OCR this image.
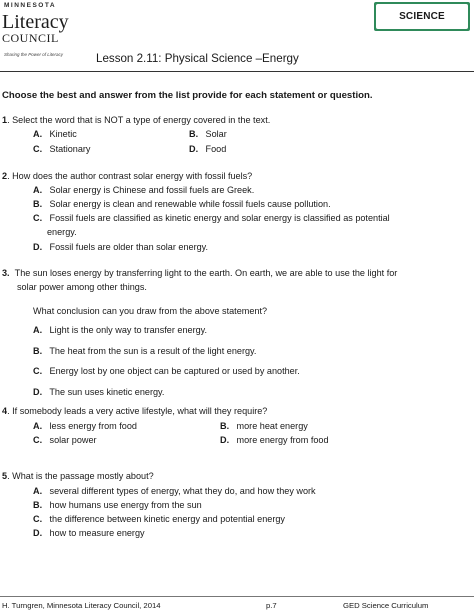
MINNESOTA
Literacy
COUNCIL
Sharing the Power of Literacy
SCIENCE
Lesson 2.11: Physical Science –Energy
Choose the best and answer from the list provide for each statement or question.
1. Select the word that is NOT a type of energy covered in the text.
A. Kinetic	B. Solar
C. Stationary	D. Food
2. How does the author contrast solar energy with fossil fuels?
A. Solar energy is Chinese and fossil fuels are Greek.
B. Solar energy is clean and renewable while fossil fuels cause pollution.
C. Fossil fuels are classified as kinetic energy and solar energy is classified as potential
energy.
D. Fossil fuels are older than solar energy.
3. The sun loses energy by transferring light to the earth. On earth, we are able to use the light for
solar power among other things.
What conclusion can you draw from the above statement?
A. Light is the only way to transfer energy.
B. The heat from the sun is a result of the light energy.
C. Energy lost by one object can be captured or used by another.
D. The sun uses kinetic energy.
4. If somebody leads a very active lifestyle, what will they require?
A. less energy from food	B. more heat energy
C. solar power	D. more energy from food
5. What is the passage mostly about?
A. several different types of energy, what they do, and how they work
B. how humans use energy from the sun
C. the difference between kinetic energy and potential energy
D. how to measure energy
H. Turngren, Minnesota Literacy Council, 2014	p.7	GED Science Curriculum
